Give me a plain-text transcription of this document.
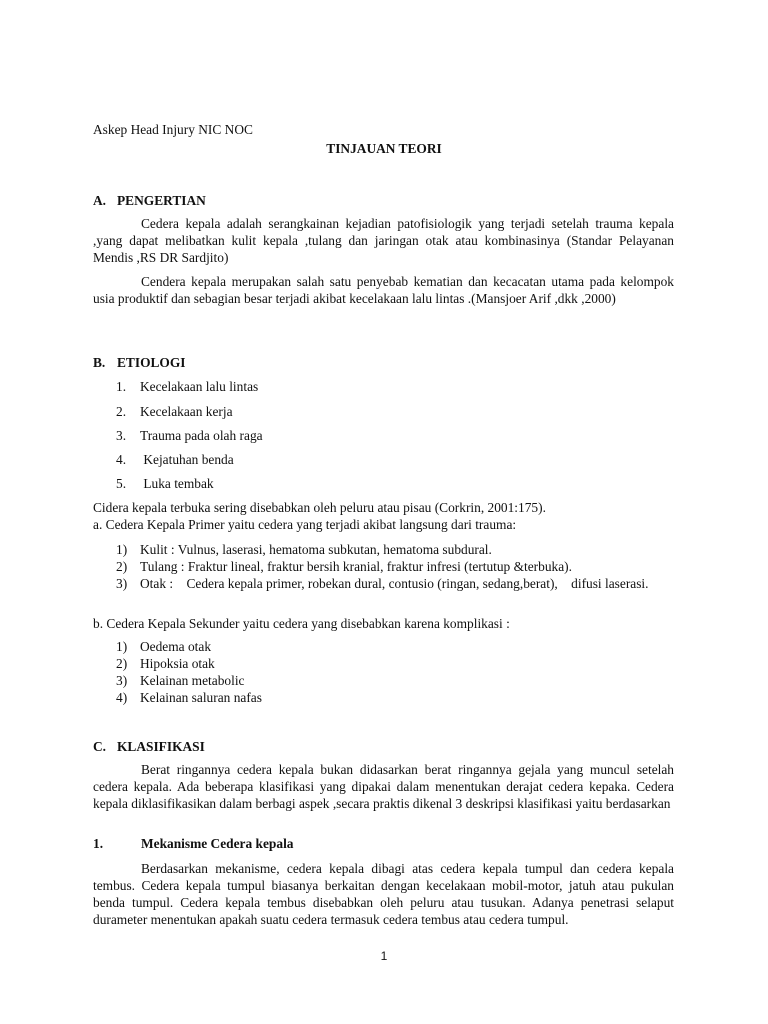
Askep Head Injury NIC NOC
TINJAUAN TEORI
A. PENGERTIAN

Cedera kepala adalah serangkainan kejadian patofisiologik yang terjadi setelah trauma kepala ,yang dapat melibatkan kulit kepala ,tulang dan jaringan otak atau kombinasinya (Standar Pelayanan Mendis ,RS DR Sardjito)

Cendera kepala merupakan salah satu penyebab kematian dan kecacatan utama pada kelompok usia produktif dan sebagian besar terjadi akibat kecelakaan lalu lintas .(Mansjoer Arif ,dkk ,2000)

B. ETIOLOGI
1. Kecelakaan lalu lintas
2. Kecelakaan kerja
3. Trauma pada olah raga
4. Kejatuhan benda
5. Luka tembak

Cidera kepala terbuka sering disebabkan oleh peluru atau pisau (Corkrin, 2001:175).

a. Cedera Kepala Primer yaitu cedera yang terjadi akibat langsung dari trauma:

1) Kulit : Vulnus, laserasi, hematoma subkutan, hematoma subdural.
2) Tulang : Fraktur lineal, fraktur bersih kranial, fraktur infresi (tertutup &terbuka).
3) Otak :    Cedera kepala primer, robekan dural, contusio (ringan, sedang,berat),    difusi laserasi.

b. Cedera Kepala Sekunder yaitu cedera yang disebabkan karena komplikasi :

1) Oedema otak
2) Hipoksia otak
3) Kelainan metabolic
4) Kelainan saluran nafas
C. KLASIFIKASI

Berat ringannya cedera kepala bukan didasarkan berat ringannya gejala yang muncul setelah cedera kepala. Ada beberapa klasifikasi yang dipakai dalam menentukan derajat cedera kepaka. Cedera kepala diklasifikasikan dalam berbagi aspek ,secara praktis dikenal 3 deskripsi klasifikasi yaitu berdasarkan

1.	Mekanisme Cedera kepala

Berdasarkan mekanisme, cedera kepala dibagi atas cedera kepala tumpul dan cedera kepala tembus. Cedera kepala tumpul biasanya berkaitan dengan kecelakaan mobil-motor, jatuh atau pukulan benda tumpul. Cedera kepala tembus disebabkan oleh peluru atau tusukan. Adanya penetrasi selaput durameter menentukan apakah suatu cedera termasuk cedera tembus atau cedera tumpul.

1
